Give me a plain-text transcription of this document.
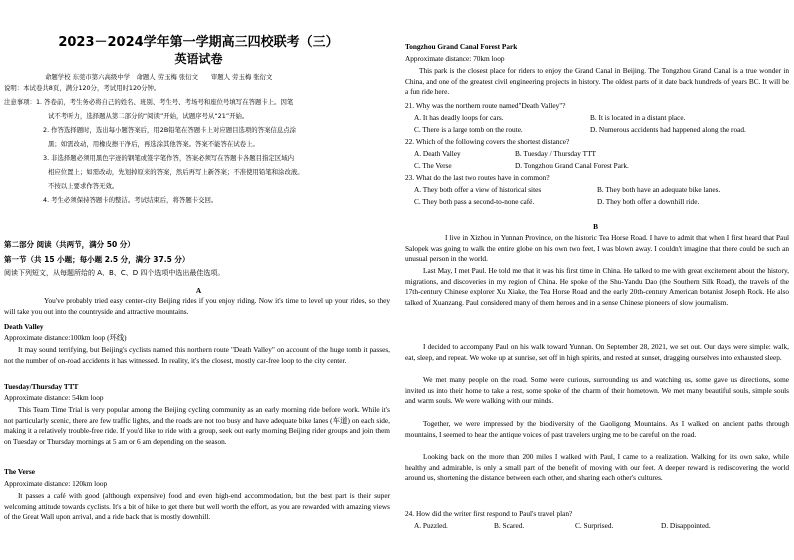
2023－2024学年第一学期高三四校联考（三）
英语试卷
命题学校 东莞市第六高级中学　命题人 劳玉梅 张衍文　　审题人 劳玉梅 张衍文
说明：本试卷共8页，满分120分，考试用时120分钟。
注意事项：1. 答卷前，考生务必将自己的姓名、班别、考生号、考场号和座位号填写在答题卡上。因笔
试不考听力，选择题从第二部分的“阅读”开始，试题序号从“21”开始。
2. 作答选择题时，选出每小题答案后，用2B铅笔在答题卡上对应题目选项的答案信息点涂
黑；如需改动，用橡皮擦干净后，再选涂其他答案。答案不能答在试卷上。
3. 非选择题必须用黑色字迹的钢笔或签字笔作答，答案必须写在答题卡各题目指定区域内
相应位置上；如需改动，先划掉原来的答案，然后再写上新答案；不准使用铅笔和涂改液。
不按以上要求作答无效。
4. 考生必须保持答题卡的整洁。考试结束后，将答题卡交回。
第二部分 阅读（共两节，满分 50 分）
第一节（共 15 小题；每小题 2.5 分，满分 37.5 分）
阅读下列短文，从每题所给的 A、B、C、D 四个选项中选出最佳选项。
A
You've probably tried easy center-city Beijing rides if you enjoy riding. Now it's time to level up your rides, so they will take you out into the countryside and attractive mountains.
Death Valley
Approximate distance:100km loop (环线)
It may sound terrifying, but Beijing's cyclists named this northern route "Death Valley" on account of the huge tomb it passes, not the number of on-road accidents it has witnessed. In reality, it's the closest, mostly car-free loop to the city center.
Tuesday/Thursday TTT
Approximate distance: 54km loop
This Team Time Trial is very popular among the Beijing cycling community as an early morning ride before work. While it's not particularly scenic, there are few traffic lights, and the roads are not too busy and have adequate bike lanes (车道) on each side, making it a relatively trouble-free ride. If you'd like to ride with a group, seek out early morning Beijing rider groups and join them on Tuesday or Thursday mornings at 5 am or 6 am depending on the season.
The Verse
Approximate distance: 120km loop
It passes a café with good (although expensive) food and even high-end accommodation, but the best part is their super welcoming attitude towards cyclists. It's a bit of hike to get there but well worth the effort, as you are rewarded with amazing views of the Great Wall upon arrival, and a ride back that is mostly downhill.
Tongzhou Grand Canal Forest Park
Approximate distance: 70km loop
This park is the closest place for riders to enjoy the Grand Canal in Beijing. The Tongzhou Grand Canal is a true wonder in China, and one of the greatest civil engineering projects in history. The oldest parts of it date back hundreds of years BC. It will be a fun ride here.
21. Why was the northern route named"Death Valley"?
A. It has deadly loops for cars.	B. It is located in a distant place.
C. There is a large tomb on the route.	D. Numerous accidents had happened along the road.
22. Which of the following covers the shortest distance?
A. Death Valley	B. Tuesday / Thursday TTT
C. The Verse	D. Tongzhou Grand Canal Forest Park.
23. What do the last two routes have in common?
A. They both offer a view of historical sites	B. They both have an adequate bike lanes.
C. They both pass a second-to-none café.	D. They both offer a downhill ride.
B
I live in Xizhou in Yunnan Province, on the historic Tea Horse Road. I have to admit that when I first heard that Paul Salopek was going to walk the entire globe on his own two feet, I was blown away. I couldn't imagine that there could be such an unusual person in the world.
Last May, I met Paul. He told me that it was his first time in China. He talked to me with great excitement about the history, migrations, and discoveries in my region of China. He spoke of the Shu-Yandu Dao (the Southern Silk Road), the travels of the 17th-century Chinese explorer Xu Xiake, the Tea Horse Road and the early 20th-century American botanist Joseph Rock. He also talked of Xuanzang. Paul considered many of them heroes and in a sense Chinese pioneers of slow journalism.
I decided to accompany Paul on his walk toward Yunnan. On September 28, 2021, we set out. Our days were simple: walk, eat, sleep, and repeat. We woke up at sunrise, set off in high spirits, and rested at sunset, dragging ourselves into exhausted sleep.
We met many people on the road. Some were curious, surrounding us and watching us, some gave us directions, some invited us into their home to take a rest, some spoke of the charm of their hometown. We met many beautiful souls, simple souls and warm souls. We were walking with our minds.
Together, we were impressed by the biodiversity of the Gaoligong Mountains. As I walked on ancient paths through mountains, I seemed to hear the antique voices of past travelers urging me to be careful on the road.
Looking back on the more than 200 miles I walked with Paul, I came to a realization. Walking for its own sake, while healthy and admirable, is only a small part of the benefit of moving with our feet. A deeper reward is rediscovering the world around us, shortening the distance between each other, and sharing each other's cultures.
24. How did the writer first respond to Paul's travel plan?
A. Puzzled.	B. Scared.	C. Surprised.	D. Disappointed.
